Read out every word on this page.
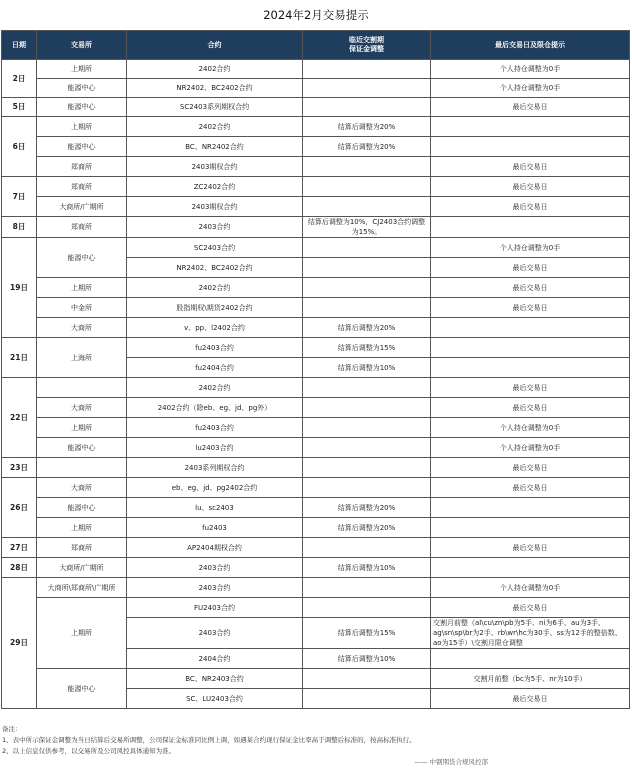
2024年2月交易提示
日期	交易所	合约	临近交割期
保证金调整	最后交易日及限仓提示
2日	上期所	2402合约		个人持仓调整为0手
	能源中心	NR2402、BC2402合约		个人持仓调整为0手
5日	能源中心	SC2403系列期权合约		最后交易日
6日	上期所	2402合约	结算后调整为20%	
	能源中心	BC、NR2402合约	结算后调整为20%	
	郑商所	2403期权合约		最后交易日
7日	郑商所	ZC2402合约		最后交易日
	大商所/广期所	2403期权合约		最后交易日
8日	郑商所	2403合约	结算后调整为10%，CJ2403合约调整为15%。	
19日	能源中心	SC2403合约		个人持仓调整为0手
		NR2402、BC2402合约		最后交易日
	上期所	2402合约		最后交易日
	中金所	股指期权\期货2402合约		最后交易日
	大商所	v、pp、l2402合约	结算后调整为20%	
21日	上海所	fu2403合约	结算后调整为15%	
		fu2404合约	结算后调整为10%	
22日		2402合约		最后交易日
	大商所	2402合约（除eb、eg、jd、pg外）		最后交易日
	上期所	fu2403合约		个人持仓调整为0手
	能源中心	lu2403合约		个人持仓调整为0手
23日		2403系列期权合约		最后交易日
26日	大商所	eb、eg、jd、pg2402合约		最后交易日
	能源中心	lu、sc2403	结算后调整为20%	
	上期所	fu2403	结算后调整为20%	
27日	郑商所	AP2404期权合约		最后交易日
28日	大商所/广期所	2403合约	结算后调整为10%	
29日	大商所\郑商所\广期所	2403合约		个人持仓调整为0手
	上期所	FU2403合约		最后交易日
		2403合约	结算后调整为15%	交割月前整（al\cu\zn\pb为5手、ni为6手、au为3手、ag\sn\sp\br为2手、rb\wr\hc为30手、ss为12手的整倍数、ao为15手）\交割月限仓调整
		2404合约	结算后调整为10%	
	能源中心	BC、NR2403合约		交割月前整（bc为5手、nr为10手）
		SC、LU2403合约		最后交易日
备注：
1、表中所示保证金调整为当日结算后交易所调整，公司保证金标准同比例上调，如遇某合约现行保证金比率高于调整后标准的，按高标准执行。
2、以上信息仅供参考，以交易所及公司风控具体通知为准。
—— 中钢期货合规风控部
